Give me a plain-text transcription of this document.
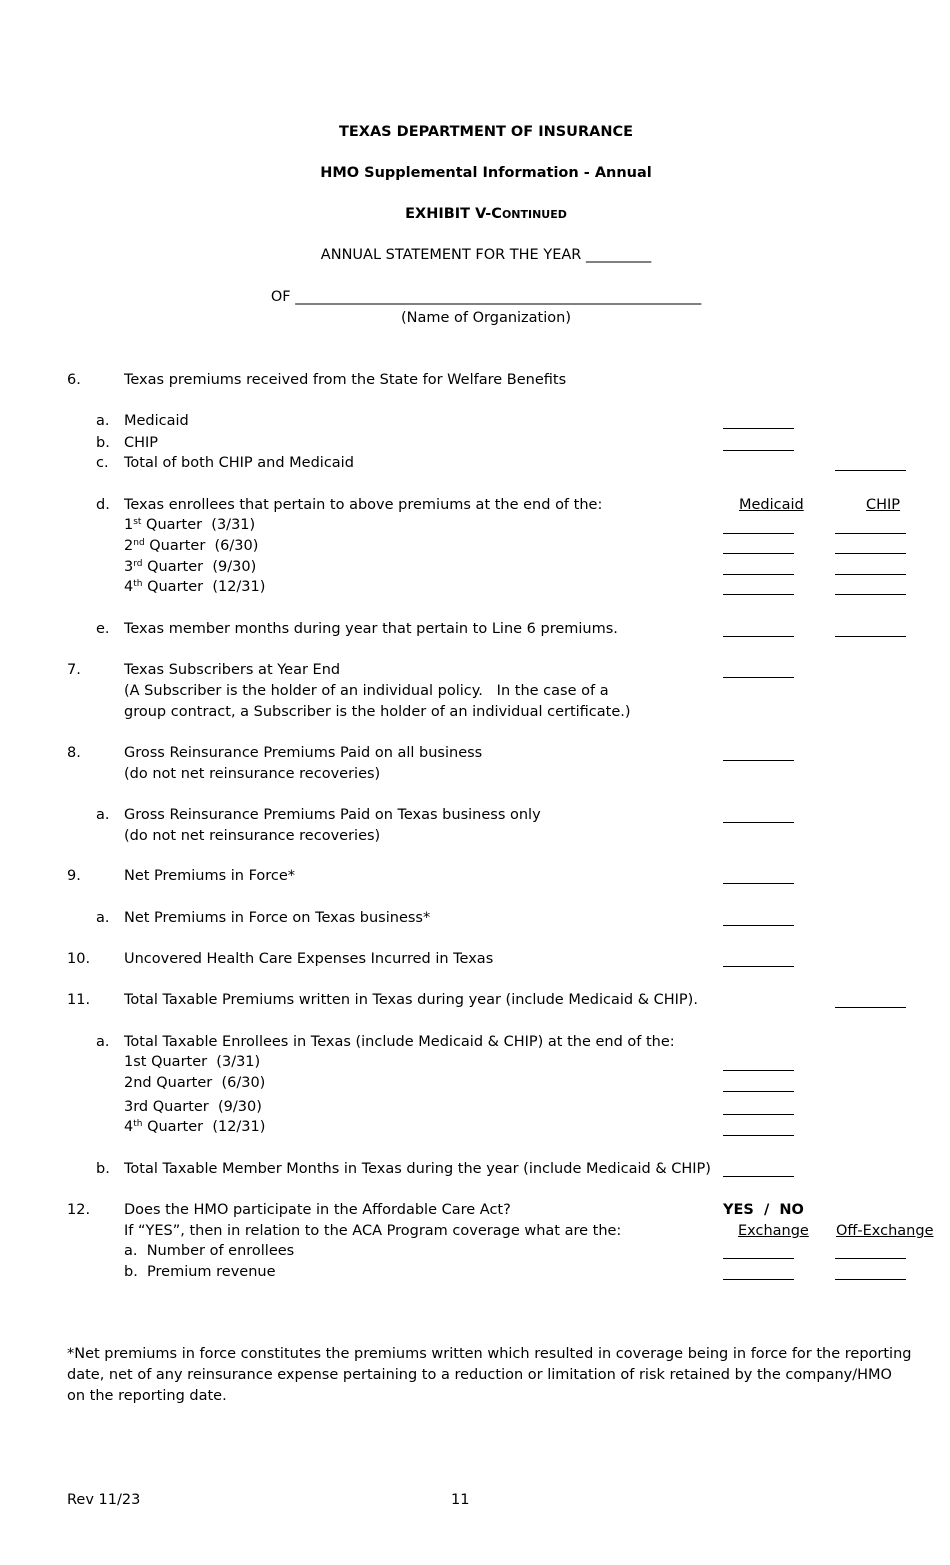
TEXAS DEPARTMENT OF INSURANCE
HMO Supplemental Information - Annual
EXHIBIT V-CONTINUED
ANNUAL STATEMENT FOR THE YEAR _________
OF ________________________________________________________
(Name of Organization)
6.	Texas premiums received from the State for Welfare Benefits
a. Medicaid
b. CHIP
c. Total of both CHIP and Medicaid
d. Texas enrollees that pertain to above premiums at the end of the:	Medicaid	CHIP
1st Quarter  (3/31)
2nd Quarter  (6/30)
3rd Quarter  (9/30)
4th Quarter  (12/31)
e. Texas member months during year that pertain to Line 6 premiums.
7.	Texas Subscribers at Year End
(A Subscriber is the holder of an individual policy.   In the case of a
group contract, a Subscriber is the holder of an individual certificate.)
8.	Gross Reinsurance Premiums Paid on all business
(do not net reinsurance recoveries)
a. Gross Reinsurance Premiums Paid on Texas business only
(do not net reinsurance recoveries)
9.	Net Premiums in Force*
a. Net Premiums in Force on Texas business*
10. Uncovered Health Care Expenses Incurred in Texas
11. Total Taxable Premiums written in Texas during year (include Medicaid & CHIP).
a. Total Taxable Enrollees in Texas (include Medicaid & CHIP) at the end of the:
1st Quarter  (3/31)
2nd Quarter  (6/30)
3rd Quarter  (9/30)
4th Quarter  (12/31)
b. Total Taxable Member Months in Texas during the year (include Medicaid & CHIP)
12. Does the HMO participate in the Affordable Care Act?	YES  /  NO
If “YES”, then in relation to the ACA Program coverage what are the:	Exchange Off-Exchange
a.  Number of enrollees
b.  Premium revenue
*Net premiums in force constitutes the premiums written which resulted in coverage being in force for the reporting date, net of any reinsurance expense pertaining to a reduction or limitation of risk retained by the company/HMO on the reporting date.
Rev 11/23	11
